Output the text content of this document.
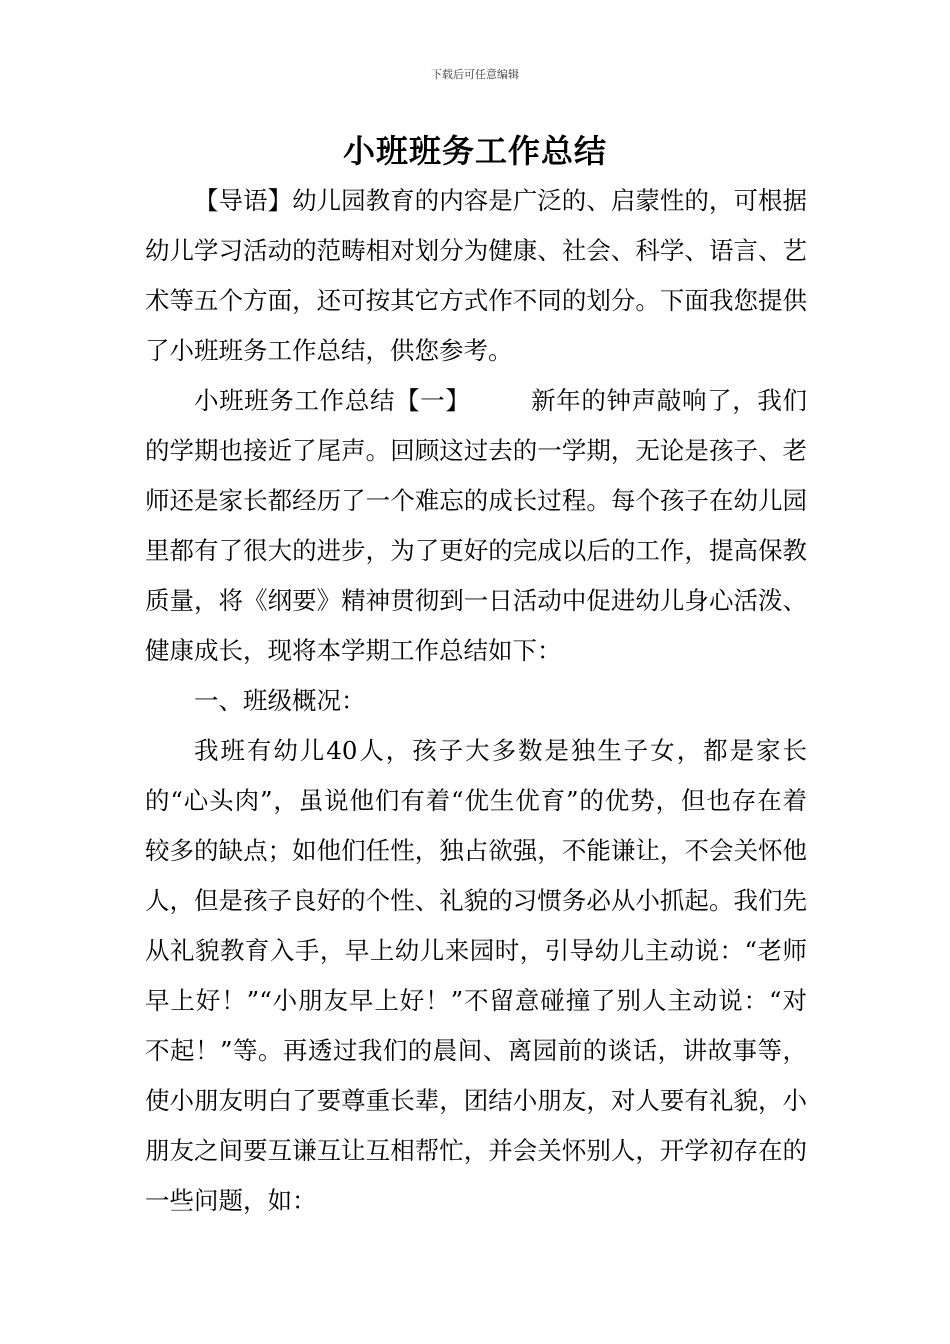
下载后可任意编辑
小班班务工作总结

【导语】幼儿园教育的内容是广泛的、启蒙性的，可根据幼儿学习活动的范畴相对划分为健康、社会、科学、语言、艺术等五个方面，还可按其它方式作不同的划分。下面我您提供了小班班务工作总结，供您参考。

小班班务工作总结【一】 新年的钟声敲响了，我们的学期也接近了尾声。回顾这过去的一学期，无论是孩子、老师还是家长都经历了一个难忘的成长过程。每个孩子在幼儿园里都有了很大的进步，为了更好的完成以后的工作，提高保教质量，将《纲要》精神贯彻到一日活动中促进幼儿身心活泼、健康成长，现将本学期工作总结如下：

一、班级概况：

我班有幼儿40人，孩子大多数是独生子女，都是家长的“心头肉”，虽说他们有着“优生优育”的优势，但也存在着较多的缺点；如他们任性，独占欲强，不能谦让，不会关怀他人，但是孩子良好的个性、礼貌的习惯务必从小抓起。我们先从礼貌教育入手，早上幼儿来园时，引导幼儿主动说：“老师早上好！”“小朋友早上好！”不留意碰撞了别人主动说：“对不起！”等。再透过我们的晨间、离园前的谈话，讲故事等，使小朋友明白了要尊重长辈，团结小朋友，对人要有礼貌，小朋友之间要互谦互让互相帮忙，并会关怀别人，开学初存在的一些问题，如：
